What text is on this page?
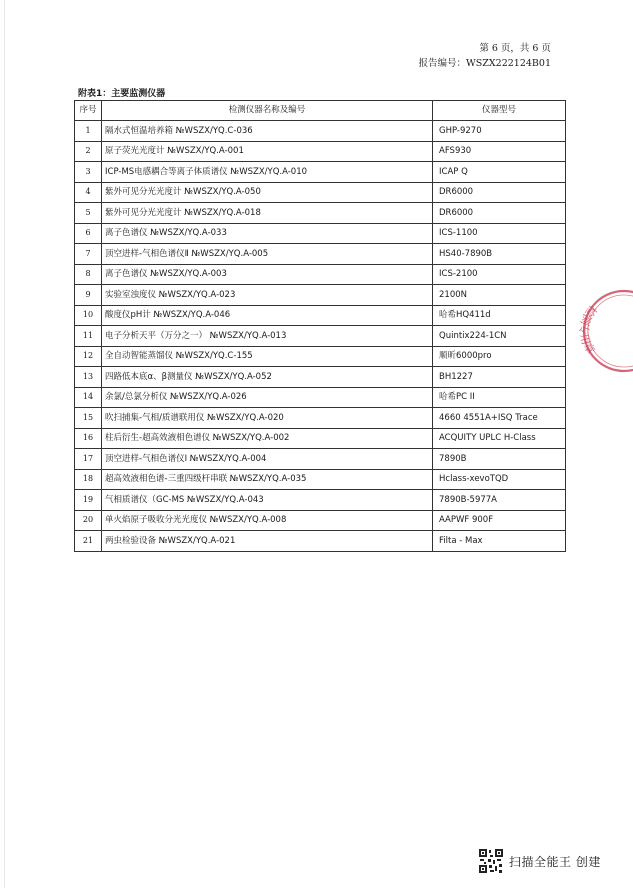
第 6 页，共 6 页
报告编号：WSZX222124B01
附表1：主要监测仪器
序号	检测仪器名称及编号	仪器型号
1	隔水式恒温培养箱 №WSZX/YQ.C-036	GHP-9270
2	原子荧光光度计 №WSZX/YQ.A-001	AFS930
3	ICP-MS电感耦合等离子体质谱仪 №WSZX/YQ.A-010	ICAP Q
4	紫外可见分光光度计 №WSZX/YQ.A-050	DR6000
5	紫外可见分光光度计 №WSZX/YQ.A-018	DR6000
6	离子色谱仪 №WSZX/YQ.A-033	ICS-1100
7	顶空进样-气相色谱仪Ⅱ №WSZX/YQ.A-005	HS40-7890B
8	离子色谱仪 №WSZX/YQ.A-003	ICS-2100
9	实验室浊度仪 №WSZX/YQ.A-023	2100N
10	酸度仪pH计 №WSZX/YQ.A-046	哈希HQ411d
11	电子分析天平（万分之一） №WSZX/YQ.A-013	Quintix224-1CN
12	全自动智能蒸馏仪 №WSZX/YQ.C-155	顺昕6000pro
13	四路低本底α、β测量仪 №WSZX/YQ.A-052	BH1227
14	余氯/总氯分析仪 №WSZX/YQ.A-026	哈希PC II
15	吹扫捕集-气相/质谱联用仪 №WSZX/YQ.A-020	4660 4551A+ISQ Trace
16	柱后衍生-超高效液相色谱仪 №WSZX/YQ.A-002	ACQUITY UPLC H-Class
17	顶空进样-气相色谱仪Ⅰ №WSZX/YQ.A-004	7890B
18	超高效液相色谱-三重四级杆串联 №WSZX/YQ.A-035	Hclass-xevoTQD
19	气相质谱仪（GC-MS №WSZX/YQ.A-043	7890B-5977A
20	单火焰原子吸收分光光度仪 №WSZX/YQ.A-008	AAPWF 900F
21	两虫检验设备 №WSZX/YQ.A-021	Filta - Max
检测专用章
扫描全能王 创建
